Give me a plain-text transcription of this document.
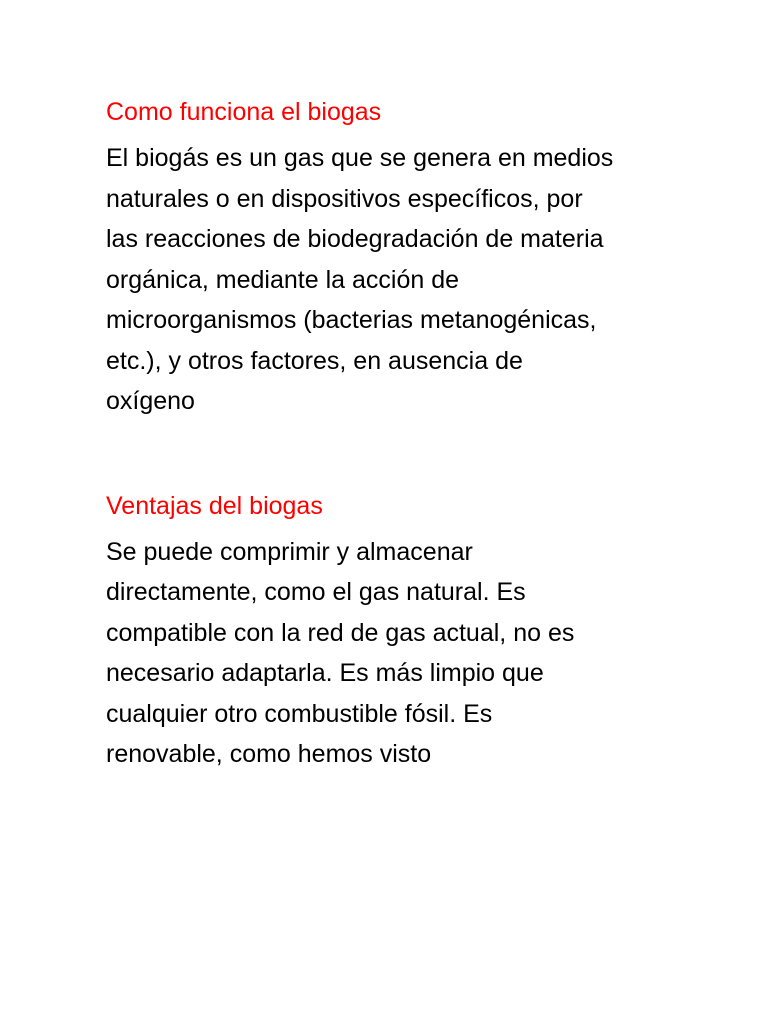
Como funciona el biogas

El biogás es un gas que se genera en medios
naturales o en dispositivos específicos, por
las reacciones de biodegradación de materia
orgánica, mediante la acción de
microorganismos (bacterias metanogénicas,
etc.), y otros factores, en ausencia de
oxígeno

Ventajas del biogas

Se puede comprimir y almacenar
directamente, como el gas natural. Es
compatible con la red de gas actual, no es
necesario adaptarla. Es más limpio que
cualquier otro combustible fósil. Es
renovable, como hemos visto
